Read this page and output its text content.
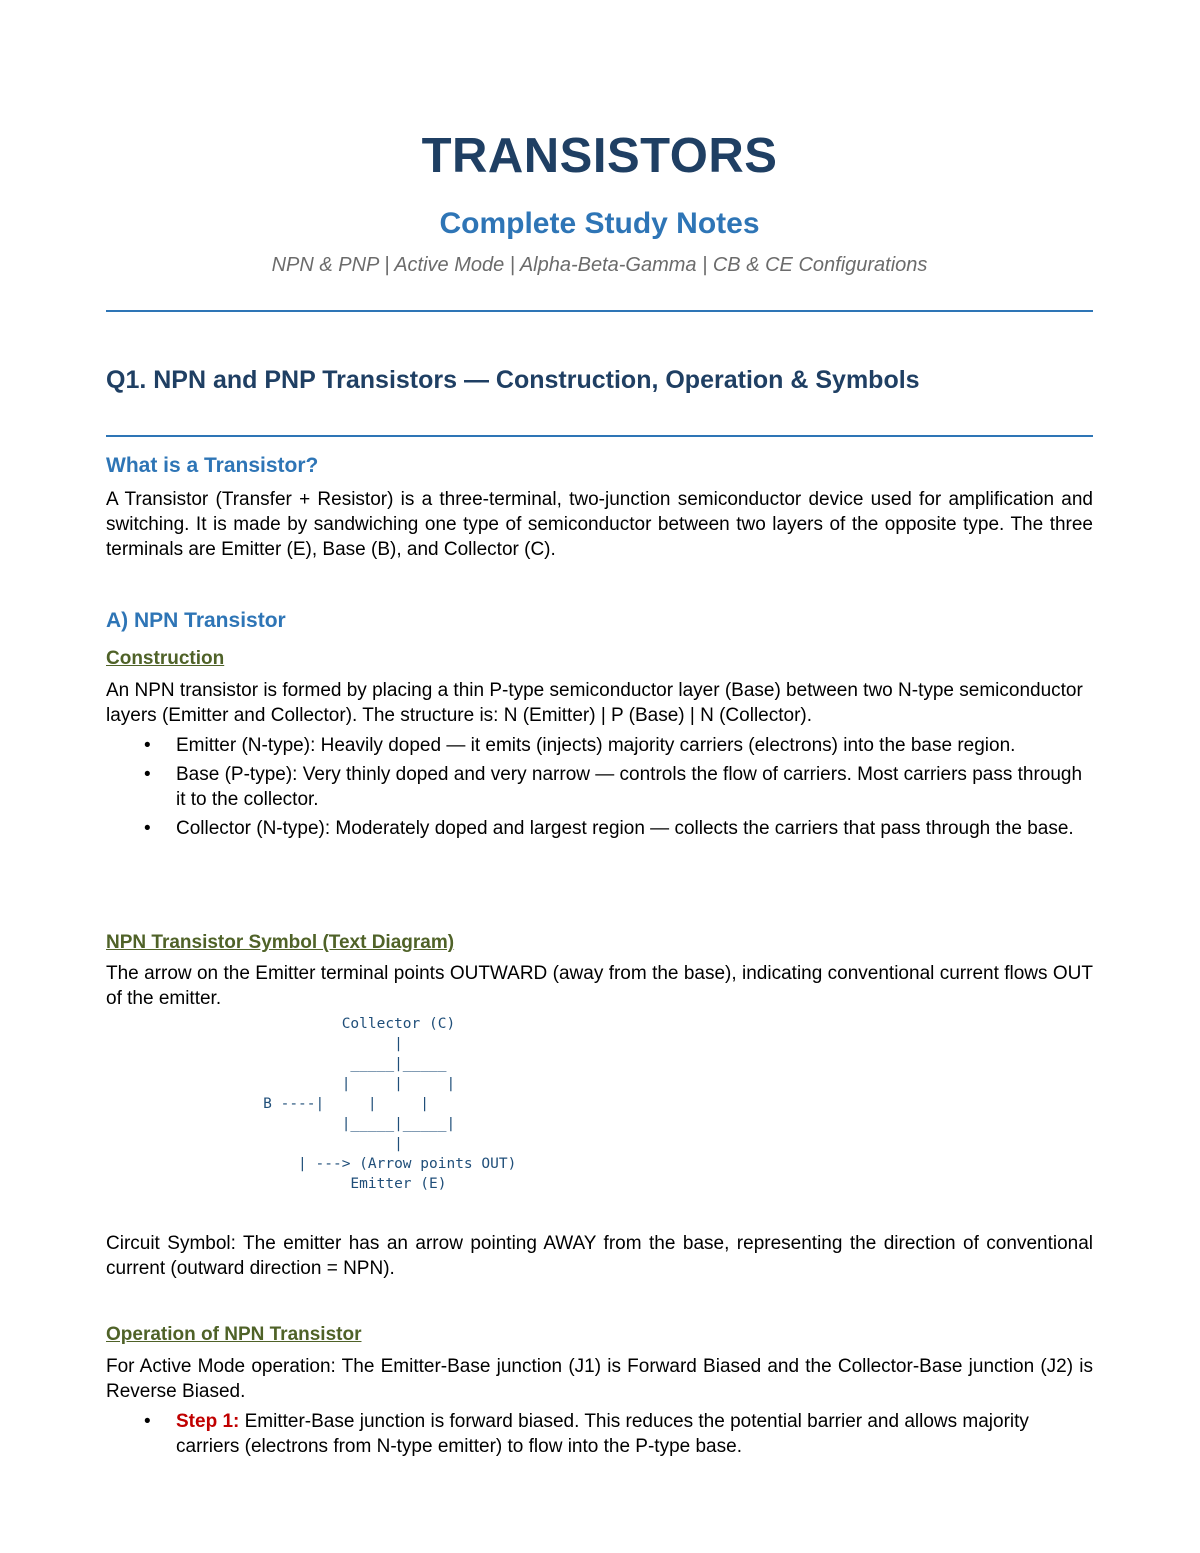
TRANSISTORS
Complete Study Notes
NPN & PNP | Active Mode | Alpha-Beta-Gamma | CB & CE Configurations
Q1. NPN and PNP Transistors — Construction, Operation & Symbols
What is a Transistor?
A Transistor (Transfer + Resistor) is a three-terminal, two-junction semiconductor device used for amplification and switching. It is made by sandwiching one type of semiconductor between two layers of the opposite type. The three terminals are Emitter (E), Base (B), and Collector (C).
A) NPN Transistor
Construction
An NPN transistor is formed by placing a thin P-type semiconductor layer (Base) between two N-type semiconductor layers (Emitter and Collector). The structure is: N (Emitter) | P (Base) | N (Collector).
• Emitter (N-type): Heavily doped — it emits (injects) majority carriers (electrons) into the base region.
• Base (P-type): Very thinly doped and very narrow — controls the flow of carriers. Most carriers pass through it to the collector.
• Collector (N-type): Moderately doped and largest region — collects the carriers that pass through the base.
NPN Transistor Symbol (Text Diagram)
The arrow on the Emitter terminal points OUTWARD (away from the base), indicating conventional current flows OUT of the emitter.
Collector (C)
|
_____|_____
|     |     |
B ----|     |     |
|_____|_____|
|
| ---> (Arrow points OUT)
Emitter (E)
Circuit Symbol: The emitter has an arrow pointing AWAY from the base, representing the direction of conventional current (outward direction = NPN).
Operation of NPN Transistor
For Active Mode operation: The Emitter-Base junction (J1) is Forward Biased and the Collector-Base junction (J2) is Reverse Biased.
• Step 1: Emitter-Base junction is forward biased. This reduces the potential barrier and allows majority carriers (electrons from N-type emitter) to flow into the P-type base.
